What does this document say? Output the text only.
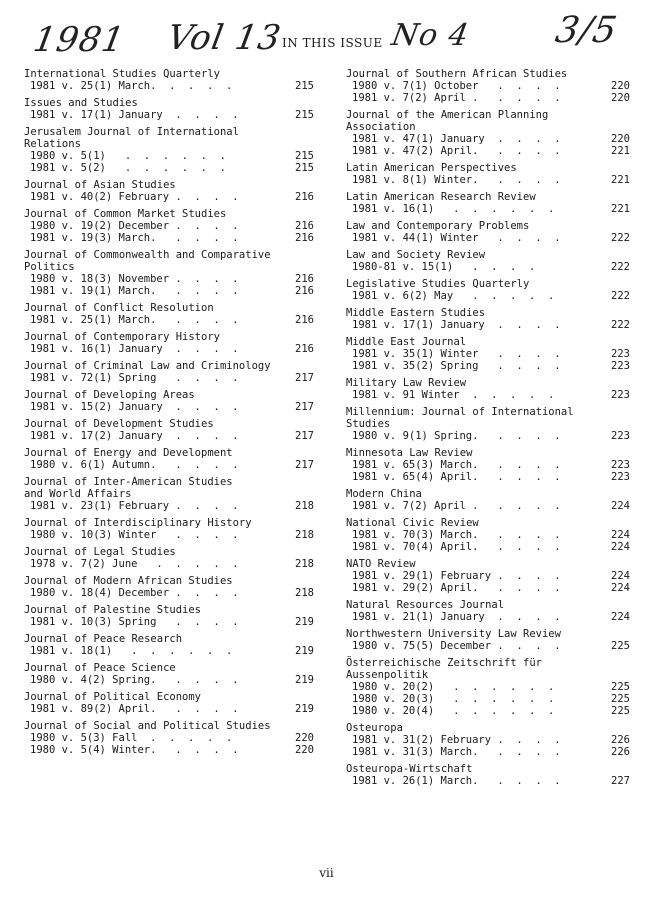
1981 Vol 13
IN THIS ISSUE No 4 3/5
International Studies Quarterly
1981 v. 25(1) March.  .  .  .  .	215
Issues and Studies
1981 v. 17(1) January  .  .  .  .	215
Jerusalem Journal of International
Relations
1980 v. 5(1)   .  .  .  .  .  .	215
1981 v. 5(2)   .  .  .  .  .  .	215
Journal of Asian Studies
1981 v. 40(2) February .  .  .  .	216
Journal of Common Market Studies
1980 v. 19(2) December .  .  .  .	216
1981 v. 19(3) March.   .  .  .  .	216
Journal of Commonwealth and Comparative
Politics
1980 v. 18(3) November .  .  .  .	216
1981 v. 19(1) March.   .  .  .  .	216
Journal of Conflict Resolution
1981 v. 25(1) March.   .  .  .  .	216
Journal of Contemporary History
1981 v. 16(1) January  .  .  .  .	216
Journal of Criminal Law and Criminology
1981 v. 72(1) Spring   .  .  .  .	217
Journal of Developing Areas
1981 v. 15(2) January  .  .  .  .	217
Journal of Development Studies
1981 v. 17(2) January  .  .  .  .	217
Journal of Energy and Development
1980 v. 6(1) Autumn.   .  .  .  .	217
Journal of Inter-American Studies
and World Affairs
1981 v. 23(1) February .  .  .  .	218
Journal of Interdisciplinary History
1980 v. 10(3) Winter   .  .  .  .	218
Journal of Legal Studies
1978 v. 7(2) June   .  .  .  .  .	218
Journal of Modern African Studies
1980 v. 18(4) December .  .  .  .	218
Journal of Palestine Studies
1981 v. 10(3) Spring   .  .  .  .	219
Journal of Peace Research
1981 v. 18(1)   .  .  .  .  .  .	219
Journal of Peace Science
1980 v. 4(2) Spring.   .  .  .  .	219
Journal of Political Economy
1981 v. 89(2) April.   .  .  .  .	219
Journal of Social and Political Studies
1980 v. 5(3) Fall  .  .  .  .  .	220
1980 v. 5(4) Winter.   .  .  .  .	220
Journal of Southern African Studies
1980 v. 7(1) October   .  .  .  .	220
1981 v. 7(2) April .   .  .  .  .	220
Journal of the American Planning
Association
1981 v. 47(1) January  .  .  .  .	220
1981 v. 47(2) April.   .  .  .  .	221
Latin American Perspectives
1981 v. 8(1) Winter.   .  .  .  .	221
Latin American Research Review
1981 v. 16(1)   .  .  .  .  .  .	221
Law and Contemporary Problems
1981 v. 44(1) Winter   .  .  .  .	222
Law and Society Review
1980-81 v. 15(1)   .  .  .  .	222
Legislative Studies Quarterly
1981 v. 6(2) May   .  .  .  .  .	222
Middle Eastern Studies
1981 v. 17(1) January  .  .  .  .	222
Middle East Journal
1981 v. 35(1) Winter   .  .  .  .	223
1981 v. 35(2) Spring   .  .  .  .	223
Military Law Review
1981 v. 91 Winter  .  .  .  .  .	223
Millennium: Journal of International
Studies
1980 v. 9(1) Spring.   .  .  .  .	223
Minnesota Law Review
1981 v. 65(3) March.   .  .  .  .	223
1981 v. 65(4) April.   .  .  .  .	223
Modern China
1981 v. 7(2) April .   .  .  .  .	224
National Civic Review
1981 v. 70(3) March.   .  .  .  .	224
1981 v. 70(4) April.   .  .  .  .	224
NATO Review
1981 v. 29(1) February .  .  .  .	224
1981 v. 29(2) April.   .  .  .  .	224
Natural Resources Journal
1981 v. 21(1) January  .  .  .  .	224
Northwestern University Law Review
1980 v. 75(5) December .  .  .  .	225
Österreichische Zeitschrift für
Aussenpolitik
1980 v. 20(2)   .  .  .  .  .  .	225
1980 v. 20(3)   .  .  .  .  .  .	225
1980 v. 20(4)   .  .  .  .  .  .	225
Osteuropa
1981 v. 31(2) February .  .  .  .	226
1981 v. 31(3) March.   .  .  .  .	226
Osteuropa-Wirtschaft
1981 v. 26(1) March.   .  .  .  .	227
vii
